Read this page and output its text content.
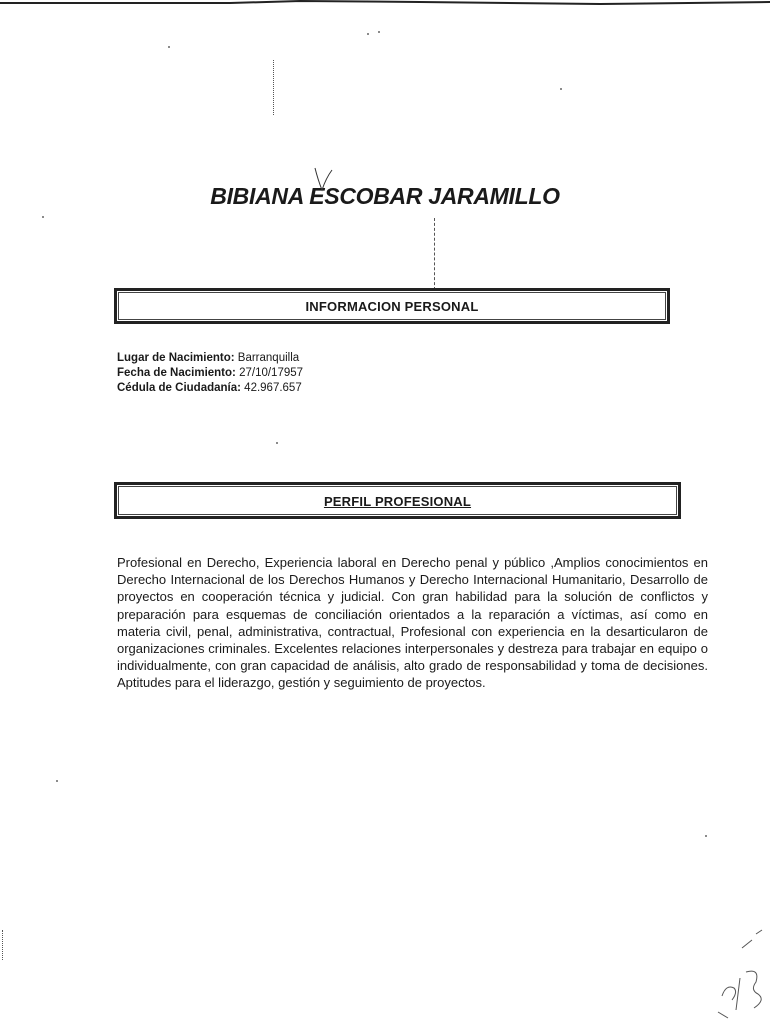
BIBIANA ESCOBAR JARAMILLO
INFORMACION PERSONAL
Lugar de Nacimiento: Barranquilla
Fecha de Nacimiento: 27/10/17957
Cédula de Ciudadanía: 42.967.657
PERFIL PROFESIONAL
Profesional en Derecho, Experiencia laboral en Derecho penal y público ,Amplios conocimientos en Derecho Internacional de los Derechos Humanos y Derecho Internacional Humanitario, Desarrollo de proyectos en cooperación técnica y judicial. Con gran habilidad para la solución de conflictos y preparación para esquemas de conciliación orientados a la reparación a víctimas, así como en materia civil, penal, administrativa, contractual, Profesional con experiencia en la desarticularon de organizaciones criminales. Excelentes relaciones interpersonales y destreza para trabajar en equipo o individualmente, con gran capacidad de análisis, alto grado de responsabilidad y toma de decisiones. Aptitudes para el liderazgo, gestión y seguimiento de proyectos.
